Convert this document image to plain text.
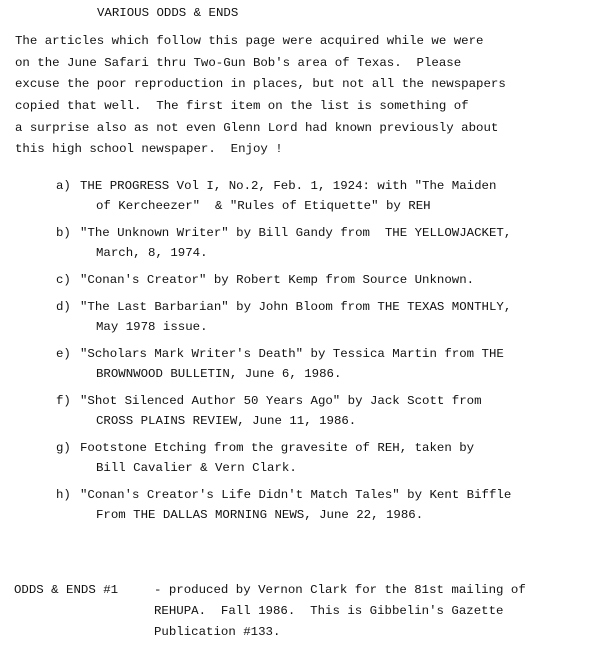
VARIOUS ODDS & ENDS
The articles which follow this page were acquired while we were
on the June Safari thru Two-Gun Bob's area of Texas.  Please
excuse the poor reproduction in places, but not all the newspapers
copied that well.  The first item on the list is something of
a surprise also as not even Glenn Lord had known previously about
this high school newspaper.  Enjoy !
a) THE PROGRESS Vol I, No.2, Feb. 1, 1924: with "The Maiden
of Kercheezer"  & "Rules of Etiquette" by REH
b) "The Unknown Writer" by Bill Gandy from  THE YELLOWJACKET,
March, 8, 1974.
c) "Conan's Creator" by Robert Kemp from Source Unknown.
d) "The Last Barbarian" by John Bloom from THE TEXAS MONTHLY,
May 1978 issue.
e) "Scholars Mark Writer's Death" by Tessica Martin from THE
BROWNWOOD BULLETIN, June 6, 1986.
f) "Shot Silenced Author 50 Years Ago" by Jack Scott from
CROSS PLAINS REVIEW, June 11, 1986.
g) Footstone Etching from the gravesite of REH, taken by
Bill Cavalier & Vern Clark.
h) "Conan's Creator's Life Didn't Match Tales" by Kent Biffle
From THE DALLAS MORNING NEWS, June 22, 1986.
ODDS & ENDS #1	- produced by Vernon Clark for the 81st mailing of
REHUPA.  Fall 1986.  This is Gibbelin's Gazette
Publication #133.
